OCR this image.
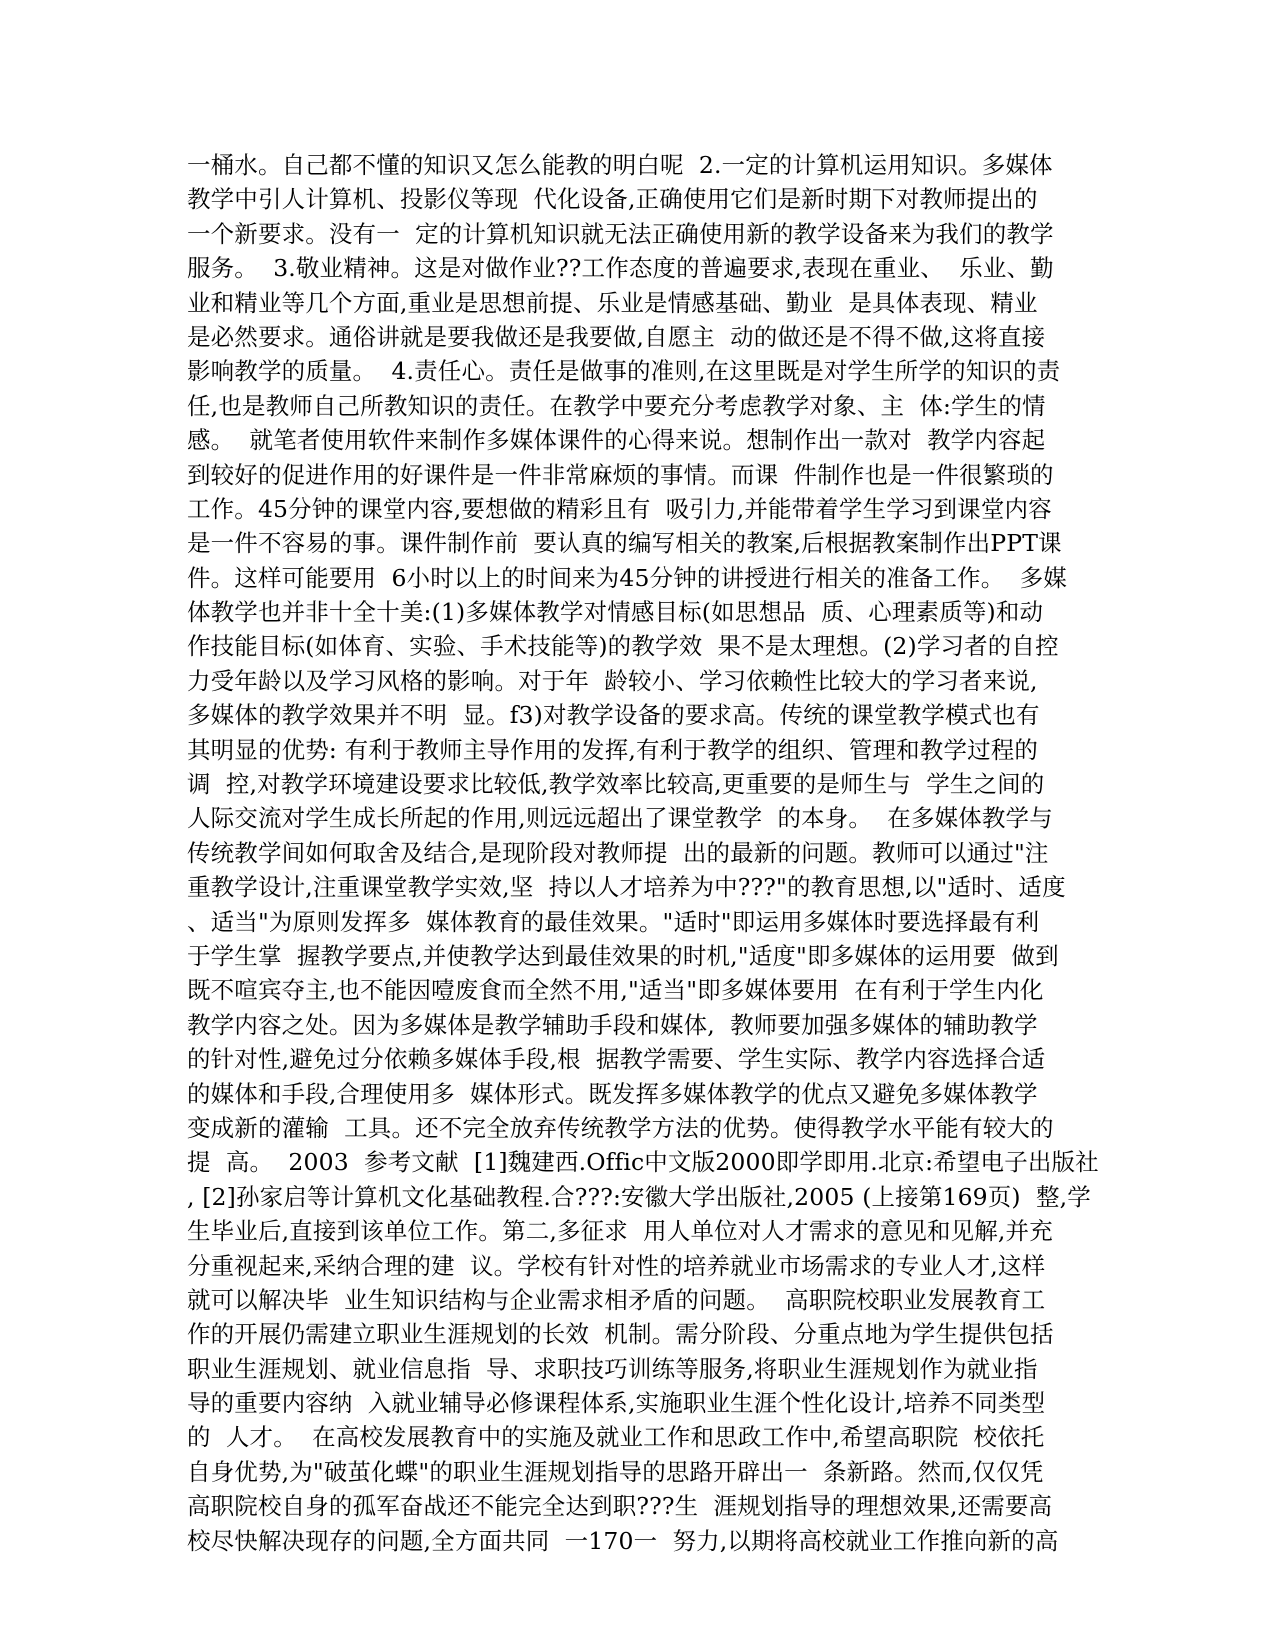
一桶水。自己都不懂的知识又怎么能教的明白呢  2.一定的计算机运用知识。多媒体
教学中引人计算机、投影仪等现  代化设备,正确使用它们是新时期下对教师提出的
一个新要求。没有一  定的计算机知识就无法正确使用新的教学设备来为我们的教学
服务。  3.敬业精神。这是对做作业??工作态度的普遍要求,表现在重业、  乐业、勤
业和精业等几个方面,重业是思想前提、乐业是情感基础、勤业  是具体表现、精业
是必然要求。通俗讲就是要我做还是我要做,自愿主  动的做还是不得不做,这将直接
影响教学的质量。  4.责任心。责任是做事的准则,在这里既是对学生所学的知识的责
任,也是教师自己所教知识的责任。在教学中要充分考虑教学对象、主  体:学生的情
感。  就笔者使用软件来制作多媒体课件的心得来说。想制作出一款对  教学内容起
到较好的促进作用的好课件是一件非常麻烦的事情。而课  件制作也是一件很繁琐的
工作。45分钟的课堂内容,要想做的精彩且有  吸引力,并能带着学生学习到课堂内容
是一件不容易的事。课件制作前  要认真的编写相关的教案,后根据教案制作出PPT课
件。这样可能要用  6小时以上的时间来为45分钟的讲授进行相关的准备工作。  多媒
体教学也并非十全十美:(1)多媒体教学对情感目标(如思想品  质、心理素质等)和动
作技能目标(如体育、实验、手术技能等)的教学效  果不是太理想。(2)学习者的自控
力受年龄以及学习风格的影响。对于年  龄较小、学习依赖性比较大的学习者来说,
多媒体的教学效果并不明  显。f3)对教学设备的要求高。传统的课堂教学模式也有
其明显的优势: 有利于教师主导作用的发挥,有利于教学的组织、管理和教学过程的
调  控,对教学环境建设要求比较低,教学效率比较高,更重要的是师生与  学生之间的
人际交流对学生成长所起的作用,则远远超出了课堂教学  的本身。  在多媒体教学与
传统教学间如何取舍及结合,是现阶段对教师提  出的最新的问题。教师可以通过"注
重教学设计,注重课堂教学实效,坚  持以人才培养为中???"的教育思想,以"适时、适度
、适当"为原则发挥多  媒体教育的最佳效果。"适时"即运用多媒体时要选择最有利
于学生掌  握教学要点,并使教学达到最佳效果的时机,"适度"即多媒体的运用要  做到
既不喧宾夺主,也不能因噎废食而全然不用,"适当"即多媒体要用  在有利于学生内化
教学内容之处。因为多媒体是教学辅助手段和媒体,  教师要加强多媒体的辅助教学
的针对性,避免过分依赖多媒体手段,根  据教学需要、学生实际、教学内容选择合适
的媒体和手段,合理使用多  媒体形式。既发挥多媒体教学的优点又避免多媒体教学
变成新的灌输  工具。还不完全放弃传统教学方法的优势。使得教学水平能有较大的
提  高。  2003  参考文献  [1]魏建西.Offic中文版2000即学即用.北京:希望电子出版社
, [2]孙家启等计算机文化基础教程.合???:安徽大学出版社,2005 (上接第169页)  整,学
生毕业后,直接到该单位工作。第二,多征求  用人单位对人才需求的意见和见解,并充
分重视起来,采纳合理的建  议。学校有针对性的培养就业市场需求的专业人才,这样
就可以解决毕  业生知识结构与企业需求相矛盾的问题。  高职院校职业发展教育工
作的开展仍需建立职业生涯规划的长效  机制。需分阶段、分重点地为学生提供包括
职业生涯规划、就业信息指  导、求职技巧训练等服务,将职业生涯规划作为就业指
导的重要内容纳  入就业辅导必修课程体系,实施职业生涯个性化设计,培养不同类型
的  人才。  在高校发展教育中的实施及就业工作和思政工作中,希望高职院  校依托
自身优势,为"破茧化蝶"的职业生涯规划指导的思路开辟出一  条新路。然而,仅仅凭
高职院校自身的孤军奋战还不能完全达到职???生  涯规划指导的理想效果,还需要高
校尽快解决现存的问题,全方面共同  一170一  努力,以期将高校就业工作推向新的高
